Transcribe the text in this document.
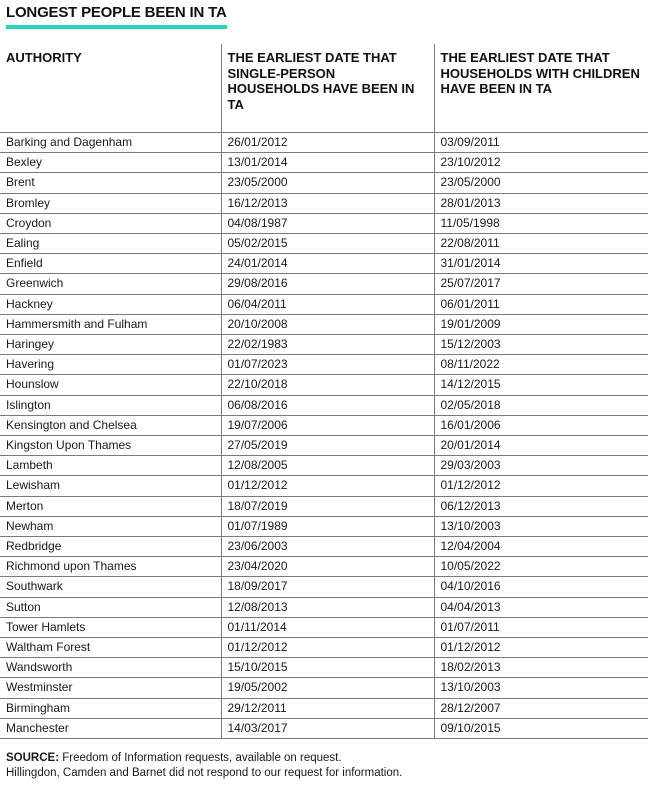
LONGEST PEOPLE BEEN IN TA
AUTHORITY	THE EARLIEST DATE THAT SINGLE-PERSON HOUSEHOLDS HAVE BEEN IN TA	THE EARLIEST DATE THAT HOUSEHOLDS WITH CHILDREN HAVE BEEN IN TA
Barking and Dagenham	26/01/2012	03/09/2011
Bexley	13/01/2014	23/10/2012
Brent	23/05/2000	23/05/2000
Bromley	16/12/2013	28/01/2013
Croydon	04/08/1987	11/05/1998
Ealing	05/02/2015	22/08/2011
Enfield	24/01/2014	31/01/2014
Greenwich	29/08/2016	25/07/2017
Hackney	06/04/2011	06/01/2011
Hammersmith and Fulham	20/10/2008	19/01/2009
Haringey	22/02/1983	15/12/2003
Havering	01/07/2023	08/11/2022
Hounslow	22/10/2018	14/12/2015
Islington	06/08/2016	02/05/2018
Kensington and Chelsea	19/07/2006	16/01/2006
Kingston Upon Thames	27/05/2019	20/01/2014
Lambeth	12/08/2005	29/03/2003
Lewisham	01/12/2012	01/12/2012
Merton	18/07/2019	06/12/2013
Newham	01/07/1989	13/10/2003
Redbridge	23/06/2003	12/04/2004
Richmond upon Thames	23/04/2020	10/05/2022
Southwark	18/09/2017	04/10/2016
Sutton	12/08/2013	04/04/2013
Tower Hamlets	01/11/2014	01/07/2011
Waltham Forest	01/12/2012	01/12/2012
Wandsworth	15/10/2015	18/02/2013
Westminster	19/05/2002	13/10/2003
Birmingham	29/12/2011	28/12/2007
Manchester	14/03/2017	09/10/2015
SOURCE: Freedom of Information requests, available on request.
Hillingdon, Camden and Barnet did not respond to our request for information.
